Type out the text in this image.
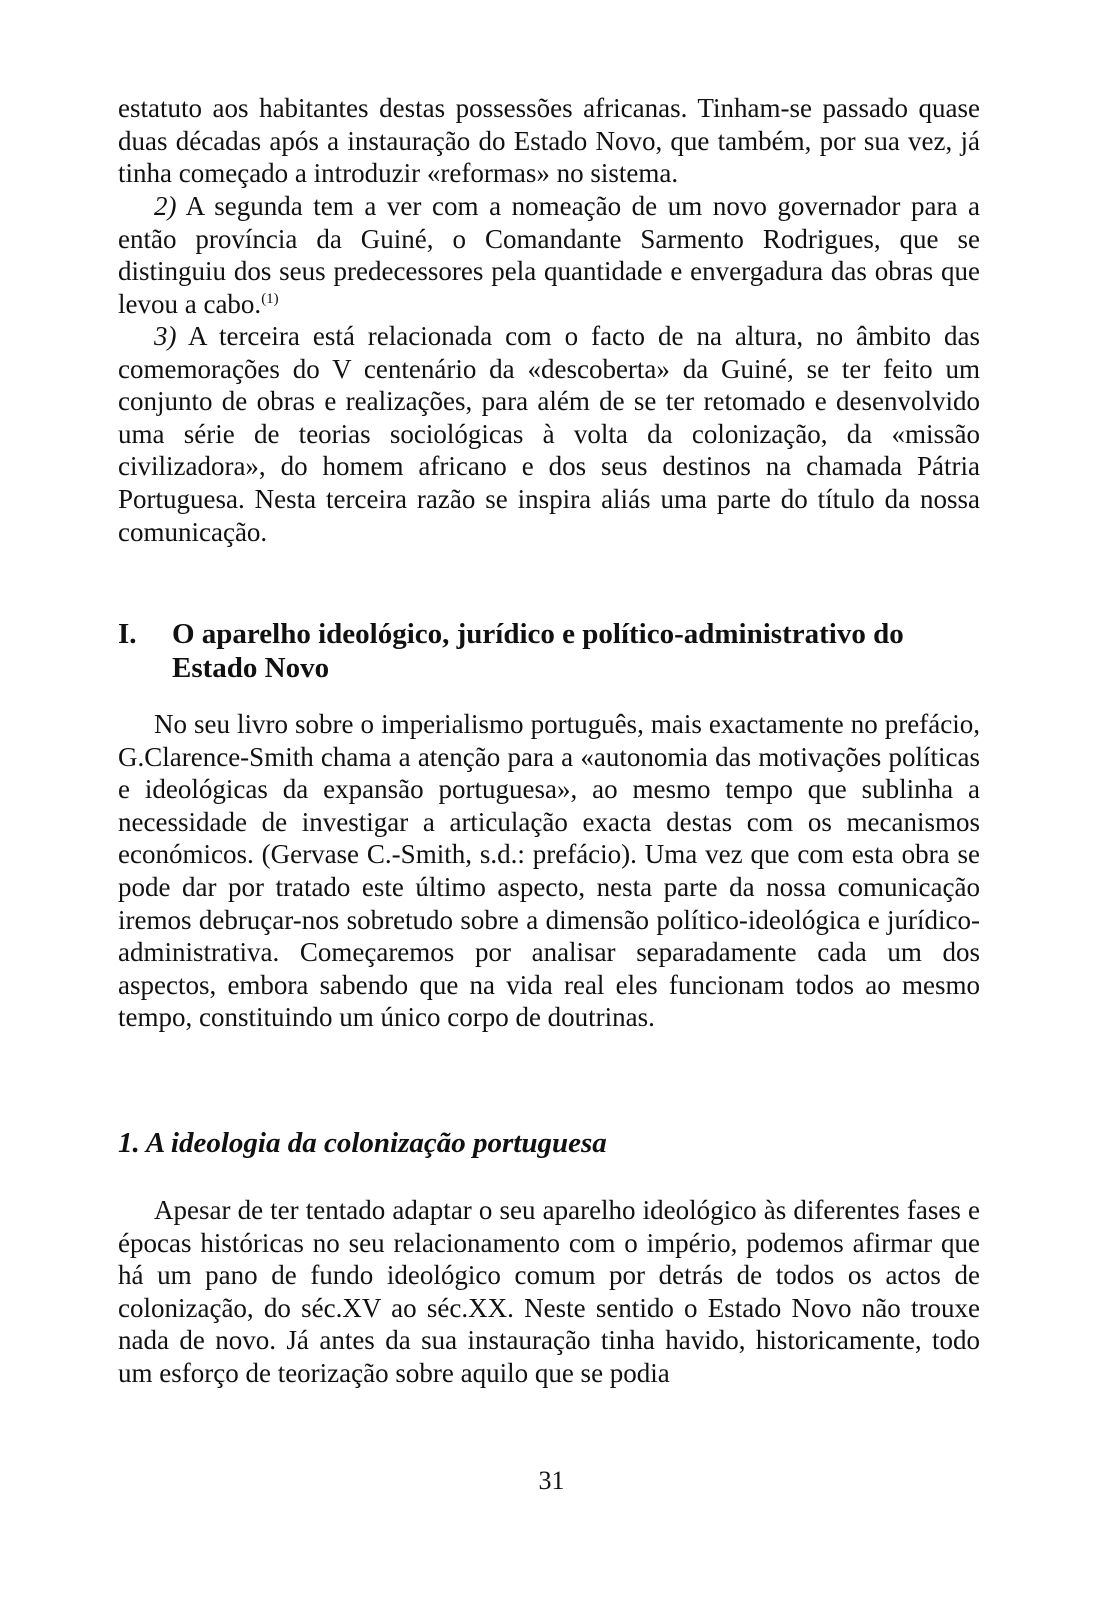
estatuto aos habitantes destas possessões africanas. Tinham-se passado quase duas décadas após a instauração do Estado Novo, que também, por sua vez, já tinha começado a introduzir «reformas» no sistema.

2) A segunda tem a ver com a nomeação de um novo governador para a então província da Guiné, o Comandante Sarmento Rodrigues, que se distinguiu dos seus predecessores pela quantidade e envergadura das obras que levou a cabo.$^{(1)}$

3) A terceira está relacionada com o facto de na altura, no âmbito das comemorações do V centenário da «descoberta» da Guiné, se ter feito um conjunto de obras e realizações, para além de se ter retomado e desenvolvido uma série de teorias sociológicas à volta da colonização, da «missão civilizadora», do homem africano e dos seus destinos na chamada Pátria Portuguesa. Nesta terceira razão se inspira aliás uma parte do título da nossa comunicação.

I. O aparelho ideológico, jurídico e político-administrativo do Estado Novo

No seu livro sobre o imperialismo português, mais exactamente no prefácio, G.Clarence-Smith chama a atenção para a «autonomia das motivações políticas e ideológicas da expansão portuguesa», ao mesmo tempo que sublinha a necessidade de investigar a articulação exacta destas com os mecanismos económicos. (Gervase C.-Smith, s.d.: prefácio). Uma vez que com esta obra se pode dar por tratado este último aspecto, nesta parte da nossa comunicação iremos debruçar-nos sobretudo sobre a dimensão político-ideológica e jurídico-administrativa. Começaremos por analisar separadamente cada um dos aspectos, embora sabendo que na vida real eles funcionam todos ao mesmo tempo, constituindo um único corpo de doutrinas.

1. A ideologia da colonização portuguesa

Apesar de ter tentado adaptar o seu aparelho ideológico às diferentes fases e épocas históricas no seu relacionamento com o império, podemos afirmar que há um pano de fundo ideológico comum por detrás de todos os actos de colonização, do séc.XV ao séc.XX. Neste sentido o Estado Novo não trouxe nada de novo. Já antes da sua instauração tinha havido, historicamente, todo um esforço de teorização sobre aquilo que se podia

31
